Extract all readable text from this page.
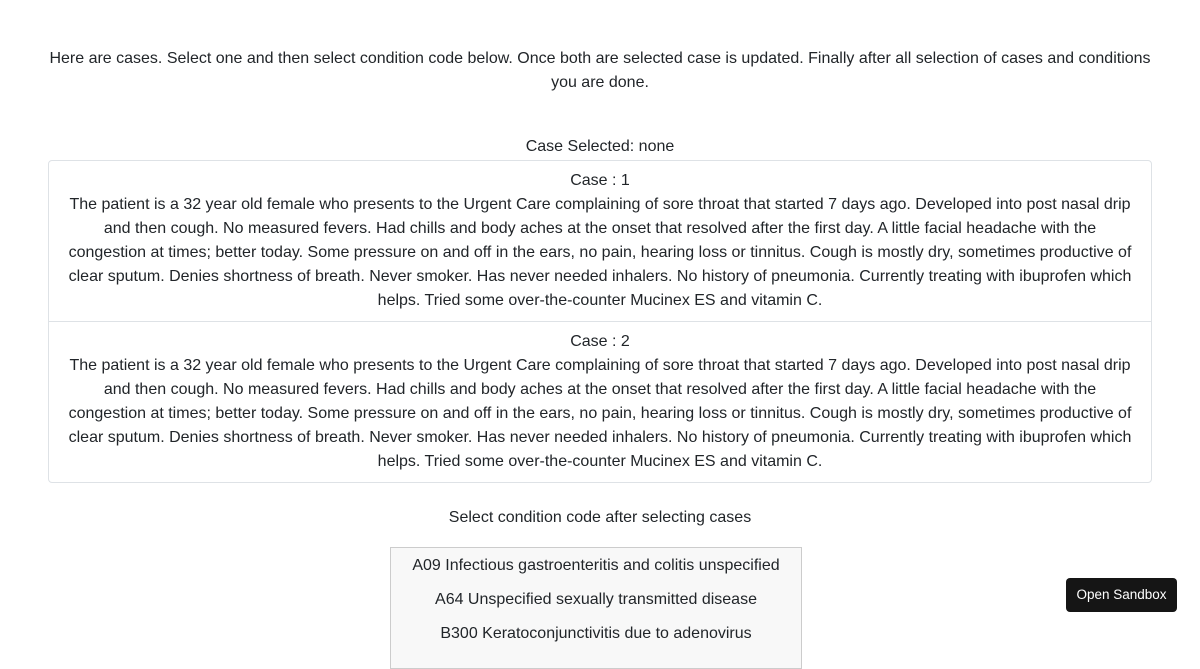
Here are cases. Select one and then select condition code below. Once both are selected case is updated. Finally after all selection of cases and conditions you are done.
Case Selected: none
Case : 1
The patient is a 32 year old female who presents to the Urgent Care complaining of sore throat that started 7 days ago. Developed into post nasal drip and then cough. No measured fevers. Had chills and body aches at the onset that resolved after the first day. A little facial headache with the congestion at times; better today. Some pressure on and off in the ears, no pain, hearing loss or tinnitus. Cough is mostly dry, sometimes productive of clear sputum. Denies shortness of breath. Never smoker. Has never needed inhalers. No history of pneumonia. Currently treating with ibuprofen which helps. Tried some over-the-counter Mucinex ES and vitamin C.
Case : 2
The patient is a 32 year old female who presents to the Urgent Care complaining of sore throat that started 7 days ago. Developed into post nasal drip and then cough. No measured fevers. Had chills and body aches at the onset that resolved after the first day. A little facial headache with the congestion at times; better today. Some pressure on and off in the ears, no pain, hearing loss or tinnitus. Cough is mostly dry, sometimes productive of clear sputum. Denies shortness of breath. Never smoker. Has never needed inhalers. No history of pneumonia. Currently treating with ibuprofen which helps. Tried some over-the-counter Mucinex ES and vitamin C.
Select condition code after selecting cases
A09 Infectious gastroenteritis and colitis unspecified
A64 Unspecified sexually transmitted disease
B300 Keratoconjunctivitis due to adenovirus
Open Sandbox
